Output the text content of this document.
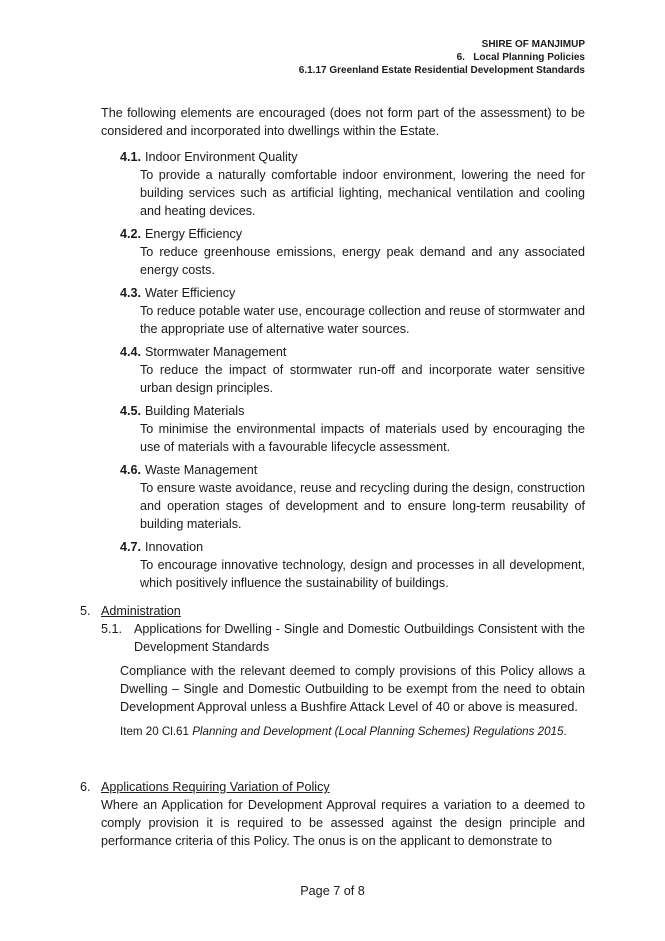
SHIRE OF MANJIMUP
6.   Local Planning Policies
6.1.17 Greenland Estate Residential Development Standards
The following elements are encouraged (does not form part of the assessment) to be considered and incorporated into dwellings within the Estate.
4.1. Indoor Environment Quality
To provide a naturally comfortable indoor environment, lowering the need for building services such as artificial lighting, mechanical ventilation and cooling and heating devices.
4.2. Energy Efficiency
To reduce greenhouse emissions, energy peak demand and any associated energy costs.
4.3. Water Efficiency
To reduce potable water use, encourage collection and reuse of stormwater and the appropriate use of alternative water sources.
4.4. Stormwater Management
To reduce the impact of stormwater run-off and incorporate water sensitive urban design principles.
4.5. Building Materials
To minimise the environmental impacts of materials used by encouraging the use of materials with a favourable lifecycle assessment.
4.6. Waste Management
To ensure waste avoidance, reuse and recycling during the design, construction and operation stages of development and to ensure long-term reusability of building materials.
4.7. Innovation
To encourage innovative technology, design and processes in all development, which positively influence the sustainability of buildings.
5. Administration
5.1. Applications for Dwelling - Single and Domestic Outbuildings Consistent with the Development Standards
Compliance with the relevant deemed to comply provisions of this Policy allows a Dwelling – Single and Domestic Outbuilding to be exempt from the need to obtain Development Approval unless a Bushfire Attack Level of 40 or above is measured.
Item 20 Cl.61 Planning and Development (Local Planning Schemes) Regulations 2015.
6. Applications Requiring Variation of Policy
Where an Application for Development Approval requires a variation to a deemed to comply provision it is required to be assessed against the design principle and performance criteria of this Policy. The onus is on the applicant to demonstrate to
Page 7 of 8
